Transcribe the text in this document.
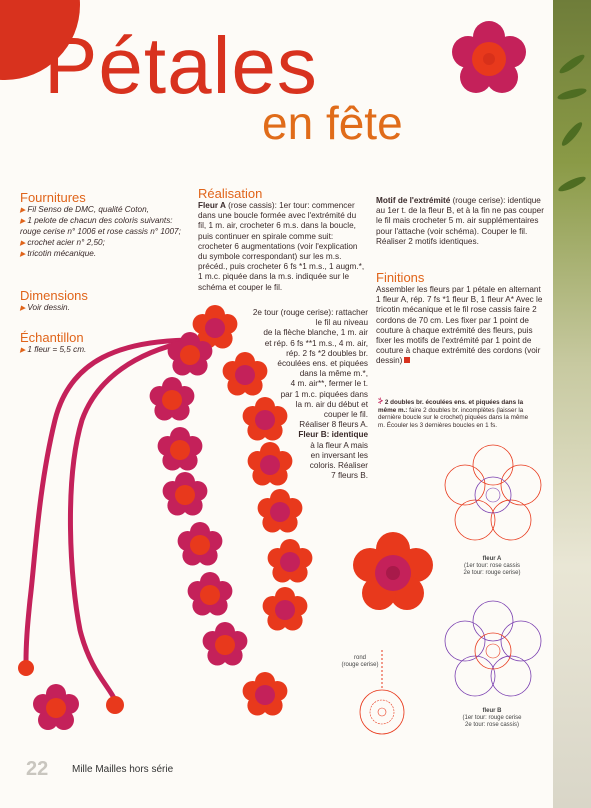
Pétales
en fête
Fournitures

▶ Fil Senso de DMC, qualité Coton,

▶ 1 pelote de chacun des coloris suivants: rouge cerise n° 1006 et rose cassis n° 1007;

▶ crochet acier n° 2,50;

▶ tricotin mécanique.

Dimensions
▶ Voir dessin.
Échantillon
▶ 1 fleur = 5,5 cm.
Réalisation

Fleur A (rose cassis): 1er tour: commencer dans une boucle formée avec l'extrémité du fil, 1 m. air, crocheter 6 m.s. dans la boucle, puis continuer en spirale comme suit: crocheter 6 augmentations (voir l'explication du symbole correspondant) sur les m.s. précéd., puis crocheter 6 fs *1 m.s., 1 augm.*, 1 m.c. piquée dans la m.s. indiquée sur le schéma et couper le fil.

2e tour (rouge cerise): rattacher
le fil au niveau
de la flèche blanche, 1 m. air
et rép. 6 fs **1 m.s., 4 m. air,
rép. 2 fs *2 doubles br.
écoulées ens. et piquées
dans la même m.*,
4 m. air**, fermer le t.
par 1 m.c. piquées dans
la m. air du début et
couper le fil.
Réaliser 8 fleurs A.
Fleur B: identique
à la fleur A mais
en inversant les
coloris. Réaliser
7 fleurs B.

Motif de l'extrémité (rouge cerise): identique au 1er t. de la fleur B, et à la fin ne pas couper le fil mais crocheter 5 m. air supplémentaires pour l'attache (voir schéma). Couper le fil. Réaliser 2 motifs identiques.

Finitions
Assembler les fleurs par 1 pétale en alternant 1 fleur A, rép. 7 fs *1 fleur B, 1 fleur A* Avec le tricotin mécanique et le fil rose cassis faire 2 cordons de 70 cm. Les fixer par 1 point de couture à chaque extrémité des fleurs, puis fixer les motifs de l'extrémité par 1 point de couture à chaque extrémité des cordons (voir dessin)
⸖ 2 doubles br. écoulées ens. et piquées dans la même m.: faire 2 doubles br. incomplètes (laisser la dernière boucle sur le crochet) piquées dans la même m. Écouler les 3 dernières boucles en 1 fs.
rond
(rouge cerise)
fleur A
(1er tour: rose cassis
2e tour: rouge cerise)
fleur B
(1er tour: rouge cerise
2e tour: rose cassis)
22 Mille Mailles hors série
